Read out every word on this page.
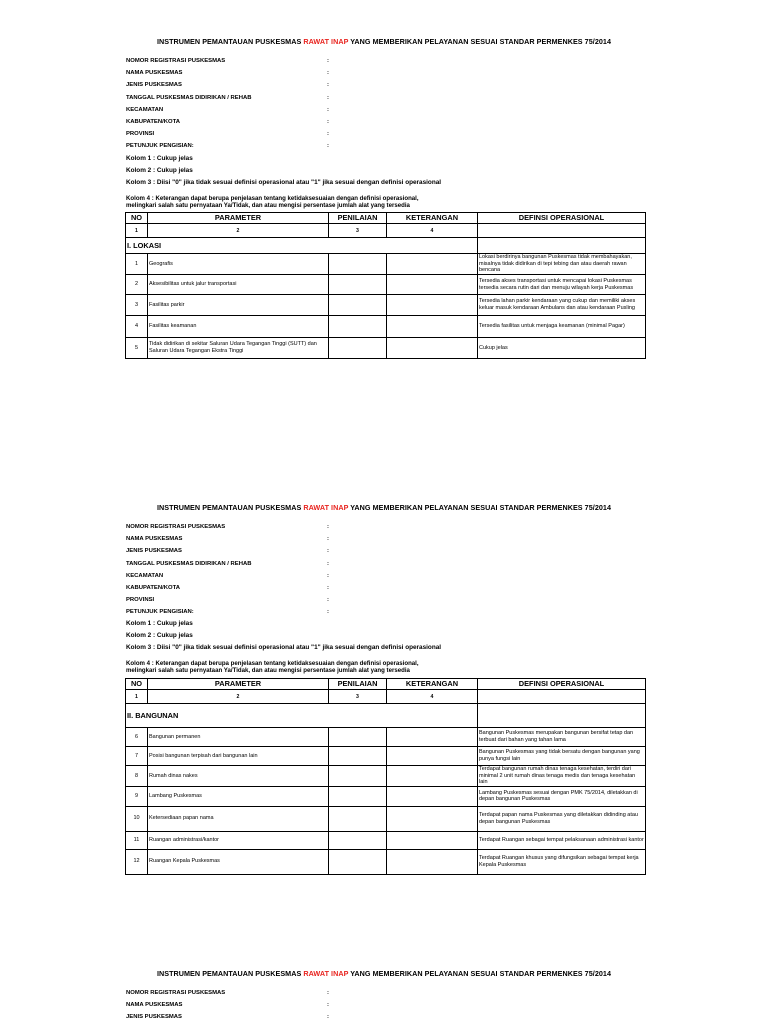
INSTRUMEN PEMANTAUAN PUSKESMAS RAWAT INAP YANG MEMBERIKAN PELAYANAN SESUAI STANDAR PERMENKES 75/2014
NOMOR REGISTRASI PUSKESMAS	:
NAMA PUSKESMAS	:
JENIS PUSKESMAS	:
TANGGAL PUSKESMAS DIDIRIKAN / REHAB	:
KECAMATAN	:
KABUPATEN/KOTA	:
PROVINSI	:
PETUNJUK PENGISIAN:	:
Kolom 1 : Cukup jelas
Kolom 2 : Cukup jelas
Kolom 3 : Diisi "0" jika tidak sesuai definisi operasional atau "1" jika sesuai dengan definisi operasional
Kolom 4 : Keterangan dapat berupa penjelasan tentang ketidaksesuaian dengan definisi operasional,
melingkari salah satu pernyataan Ya/Tidak, dan atau mengisi persentase jumlah alat yang tersedia
NO	PARAMETER	PENILAIAN	KETERANGAN	DEFINSI OPERASIONAL
1	2	3	4	
I. LOKASI				
1	Geografis			Lokasi berdirinya bangunan Puskesmas tidak membahayakan, misalnya tidak didirikan di tepi tebing dan atau daerah rawan bencana
2	Aksesibilitas untuk jalur transportasi			Tersedia akses transportasi untuk mencapai lokasi Puskesmas tersedia secara rutin dari dan menuju wilayah kerja Puskesmas
3	Fasilitas parkir			Tersedia lahan parkir kendaraan yang cukup dan memiliki akses keluar masuk kendaraan Ambulans dan atau kendaraan Pusling
4	Fasilitas keamanan			Tersedia fasilitas untuk menjaga keamanan (minimal Pagar)
5	Tidak didirikan di sekitar Saluran Udara Tegangan Tinggi (SUTT) dan Saluran Udara Tegangan Ekstra Tinggi			Cukup jelas
INSTRUMEN PEMANTAUAN PUSKESMAS RAWAT INAP YANG MEMBERIKAN PELAYANAN SESUAI STANDAR PERMENKES 75/2014
NOMOR REGISTRASI PUSKESMAS	:
NAMA PUSKESMAS	:
JENIS PUSKESMAS	:
TANGGAL PUSKESMAS DIDIRIKAN / REHAB	:
KECAMATAN	:
KABUPATEN/KOTA	:
PROVINSI	:
PETUNJUK PENGISIAN:	:
Kolom 1 : Cukup jelas
Kolom 2 : Cukup jelas
Kolom 3 : Diisi "0" jika tidak sesuai definisi operasional atau "1" jika sesuai dengan definisi operasional
Kolom 4 : Keterangan dapat berupa penjelasan tentang ketidaksesuaian dengan definisi operasional,
melingkari salah satu pernyataan Ya/Tidak, dan atau mengisi persentase jumlah alat yang tersedia
NO	PARAMETER	PENILAIAN	KETERANGAN	DEFINSI OPERASIONAL
1	2	3	4	
II. BANGUNAN				
6	Bangunan permanen			Bangunan Puskesmas merupakan bangunan bersifat tetap dan terbuat dari bahan yang tahan lama
7	Posisi bangunan terpisah dari bangunan lain			Bangunan Puskesmas yang tidak bersatu dengan bangunan yang punya fungsi lain
8	Rumah dinas nakes			Terdapat bangunan rumah dinas tenaga kesehatan, terdiri dari minimal 2 unit rumah dinas tenaga medis dan tenaga kesehatan lain
9	Lambang Puskesmas			Lambang Puskesmas sesuai dengan PMK 75/2014, diletakkan di depan bangunan Puskesmas
10	Ketersediaan papan nama			Terdapat papan nama Puskesmas yang diletakkan didinding atau depan bangunan Puskesmas
11	Ruangan administrasi/kantor			Terdapat Ruangan sebagai tempat pelaksanaan administrasi kantor
12	Ruangan Kepala Puskesmas			Terdapat Ruangan khusus yang difungsikan sebagai tempat kerja Kepala Puskesmas
INSTRUMEN PEMANTAUAN PUSKESMAS RAWAT INAP YANG MEMBERIKAN PELAYANAN SESUAI STANDAR PERMENKES 75/2014
NOMOR REGISTRASI PUSKESMAS	:
NAMA PUSKESMAS	:
JENIS PUSKESMAS	:
